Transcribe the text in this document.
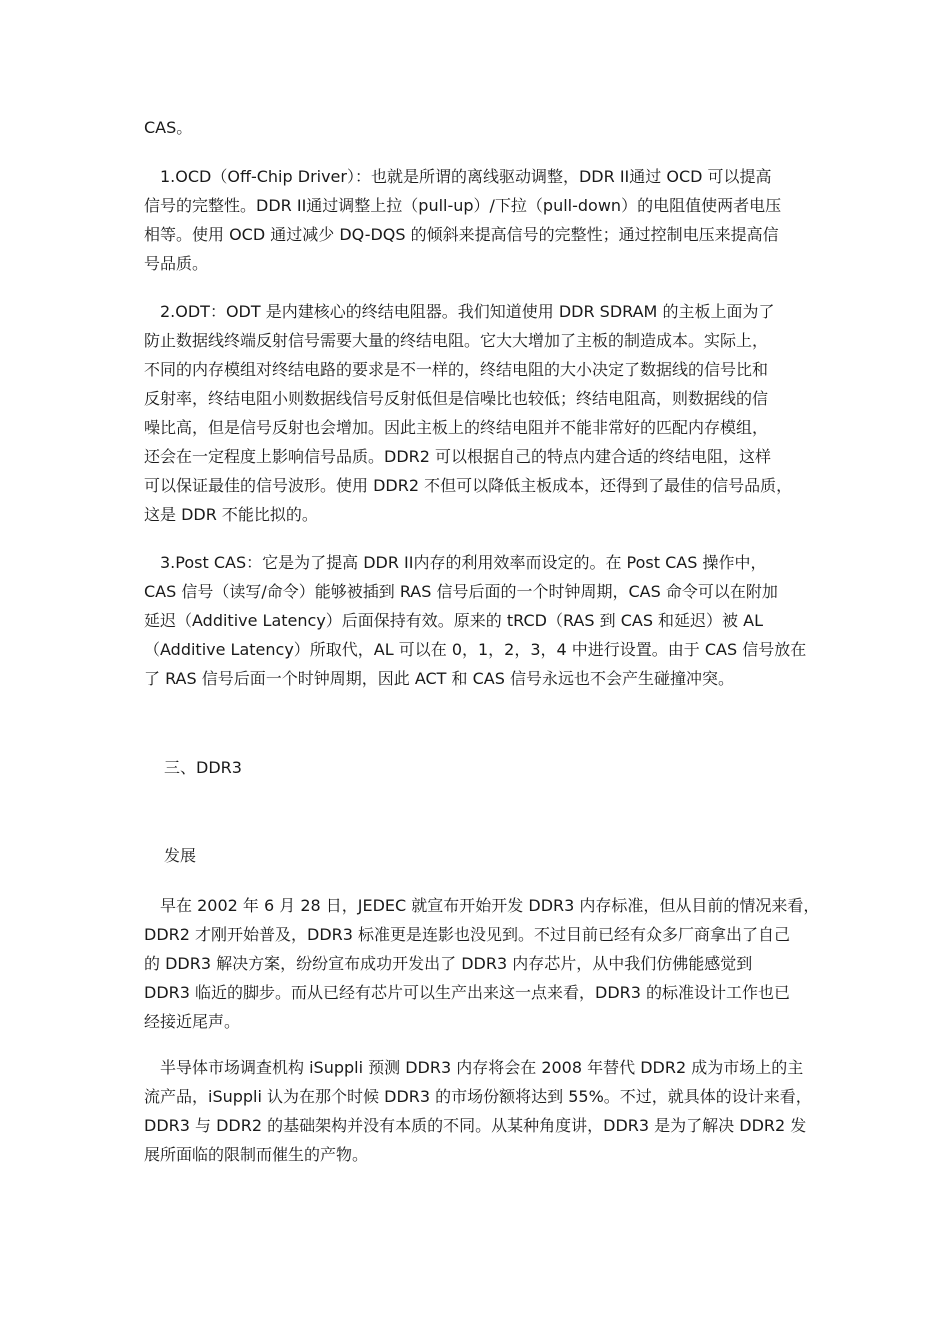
CAS。

　1.OCD（Off-Chip Driver）：也就是所谓的离线驱动调整，DDR II通过 OCD 可以提高
信号的完整性。DDR II通过调整上拉（pull-up）/下拉（pull-down）的电阻值使两者电压
相等。使用 OCD 通过减少 DQ-DQS 的倾斜来提高信号的完整性；通过控制电压来提高信
号品质。
　2.ODT：ODT 是内建核心的终结电阻器。我们知道使用 DDR SDRAM 的主板上面为了
防止数据线终端反射信号需要大量的终结电阻。它大大增加了主板的制造成本。实际上，
不同的内存模组对终结电路的要求是不一样的，终结电阻的大小决定了数据线的信号比和
反射率，终结电阻小则数据线信号反射低但是信噪比也较低；终结电阻高，则数据线的信
噪比高，但是信号反射也会增加。因此主板上的终结电阻并不能非常好的匹配内存模组，
还会在一定程度上影响信号品质。DDR2 可以根据自己的特点内建合适的终结电阻，这样
可以保证最佳的信号波形。使用 DDR2 不但可以降低主板成本，还得到了最佳的信号品质，
这是 DDR 不能比拟的。
　3.Post CAS：它是为了提高 DDR II内存的利用效率而设定的。在 Post CAS 操作中，
CAS 信号（读写/命令）能够被插到 RAS 信号后面的一个时钟周期，CAS 命令可以在附加
延迟（Additive Latency）后面保持有效。原来的 tRCD（RAS 到 CAS 和延迟）被 AL
（Additive Latency）所取代，AL 可以在 0，1，2，3，4 中进行设置。由于 CAS 信号放在
了 RAS 信号后面一个时钟周期，因此 ACT 和 CAS 信号永远也不会产生碰撞冲突。
三、DDR3
发展
　早在 2002 年 6 月 28 日，JEDEC 就宣布开始开发 DDR3 内存标准，但从目前的情况来看，
DDR2 才刚开始普及，DDR3 标准更是连影也没见到。不过目前已经有众多厂商拿出了自己
的 DDR3 解决方案，纷纷宣布成功开发出了 DDR3 内存芯片，从中我们仿佛能感觉到
DDR3 临近的脚步。而从已经有芯片可以生产出来这一点来看，DDR3 的标准设计工作也已
经接近尾声。
　半导体市场调查机构 iSuppli 预测 DDR3 内存将会在 2008 年替代 DDR2 成为市场上的主
流产品，iSuppli 认为在那个时候 DDR3 的市场份额将达到 55%。不过，就具体的设计来看，
DDR3 与 DDR2 的基础架构并没有本质的不同。从某种角度讲，DDR3 是为了解决 DDR2 发
展所面临的限制而催生的产物。
